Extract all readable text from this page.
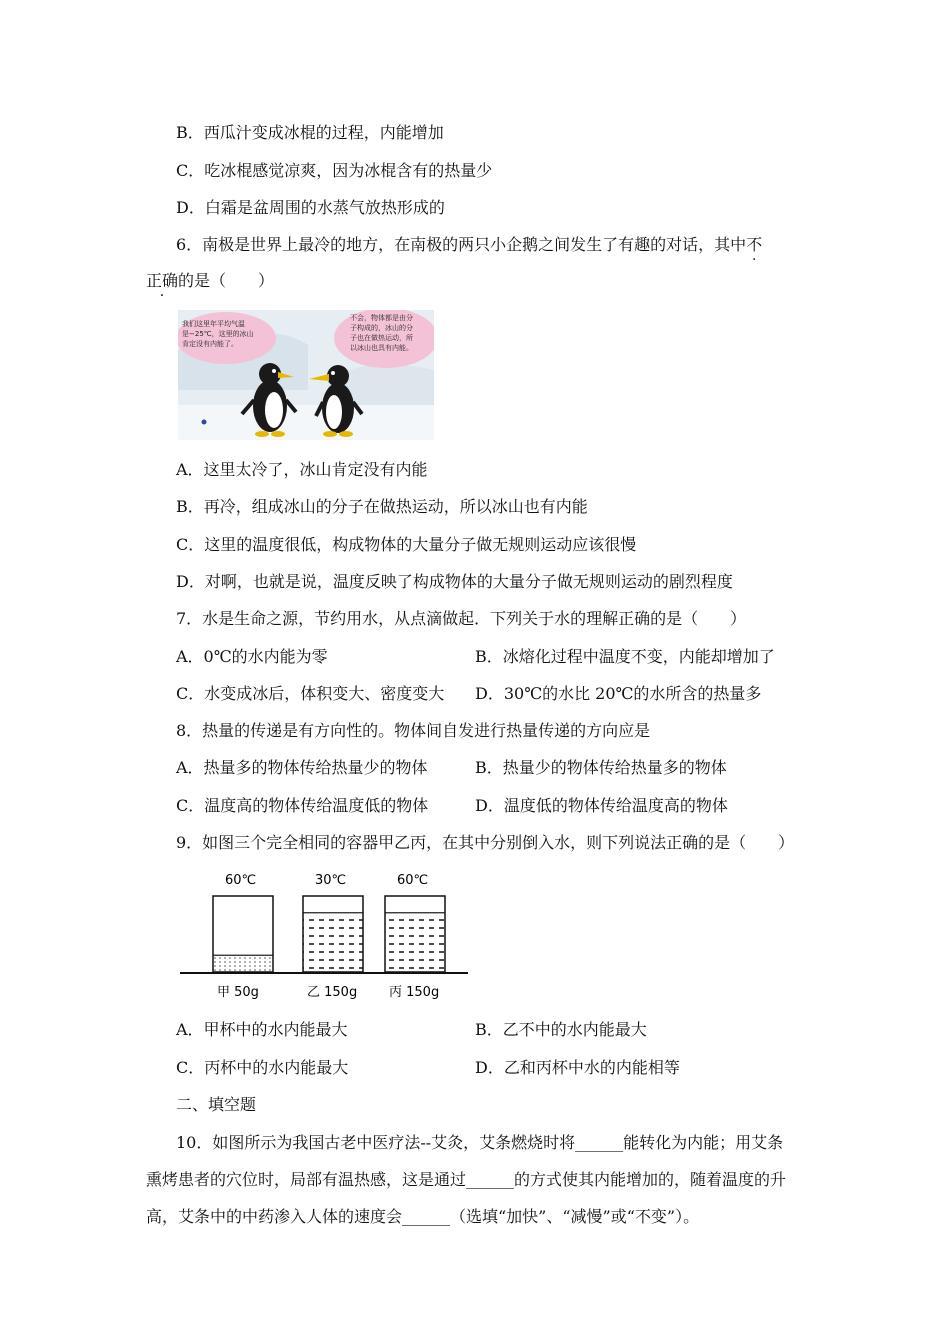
B．西瓜汁变成冰棍的过程，内能增加
C．吃冰棍感觉凉爽，因为冰棍含有的热量少
D．白霜是盆周围的水蒸气放热形成的
6．南极是世界上最冷的地方，在南极的两只小企鹅之间发生了有趣的对话，其中不
正确的是（　　）
我们这里年平均气温
是−25℃，这里的冰山
肯定没有内能了。
不会，物体都是由分
子构成的，冰山的分
子也在做热运动，所
以冰山也具有内能。
A．这里太冷了，冰山肯定没有内能
B．再冷，组成冰山的分子在做热运动，所以冰山也有内能
C．这里的温度很低，构成物体的大量分子做无规则运动应该很慢
D．对啊，也就是说，温度反映了构成物体的大量分子做无规则运动的剧烈程度
7．水是生命之源，节约用水，从点滴做起．下列关于水的理解正确的是（　　）
A．0℃的水内能为零	B．冰熔化过程中温度不变，内能却增加了
C．水变成冰后，体积变大、密度变大 D．30℃的水比 20℃的水所含的热量多
8．热量的传递是有方向性的。物体间自发进行热量传递的方向应是
A．热量多的物体传给热量少的物体	B．热量少的物体传给热量多的物体
C．温度高的物体传给温度低的物体	D．温度低的物体传给温度高的物体
9．如图三个完全相同的容器甲乙丙，在其中分别倒入水，则下列说法正确的是（　　）
60℃
甲 50g
30℃
乙 150g
60℃
丙 150g
A．甲杯中的水内能最大	B．乙不中的水内能最大
C．丙杯中的水内能最大	D．乙和丙杯中水的内能相等
二、填空题
10．如图所示为我国古老中医疗法--艾灸，艾条燃烧时将______能转化为内能；用艾条
熏烤患者的穴位时，局部有温热感，这是通过______的方式使其内能增加的，随着温度的升
高，艾条中的中药渗入人体的速度会______（选填“加快”、“减慢”或“不变”）。
